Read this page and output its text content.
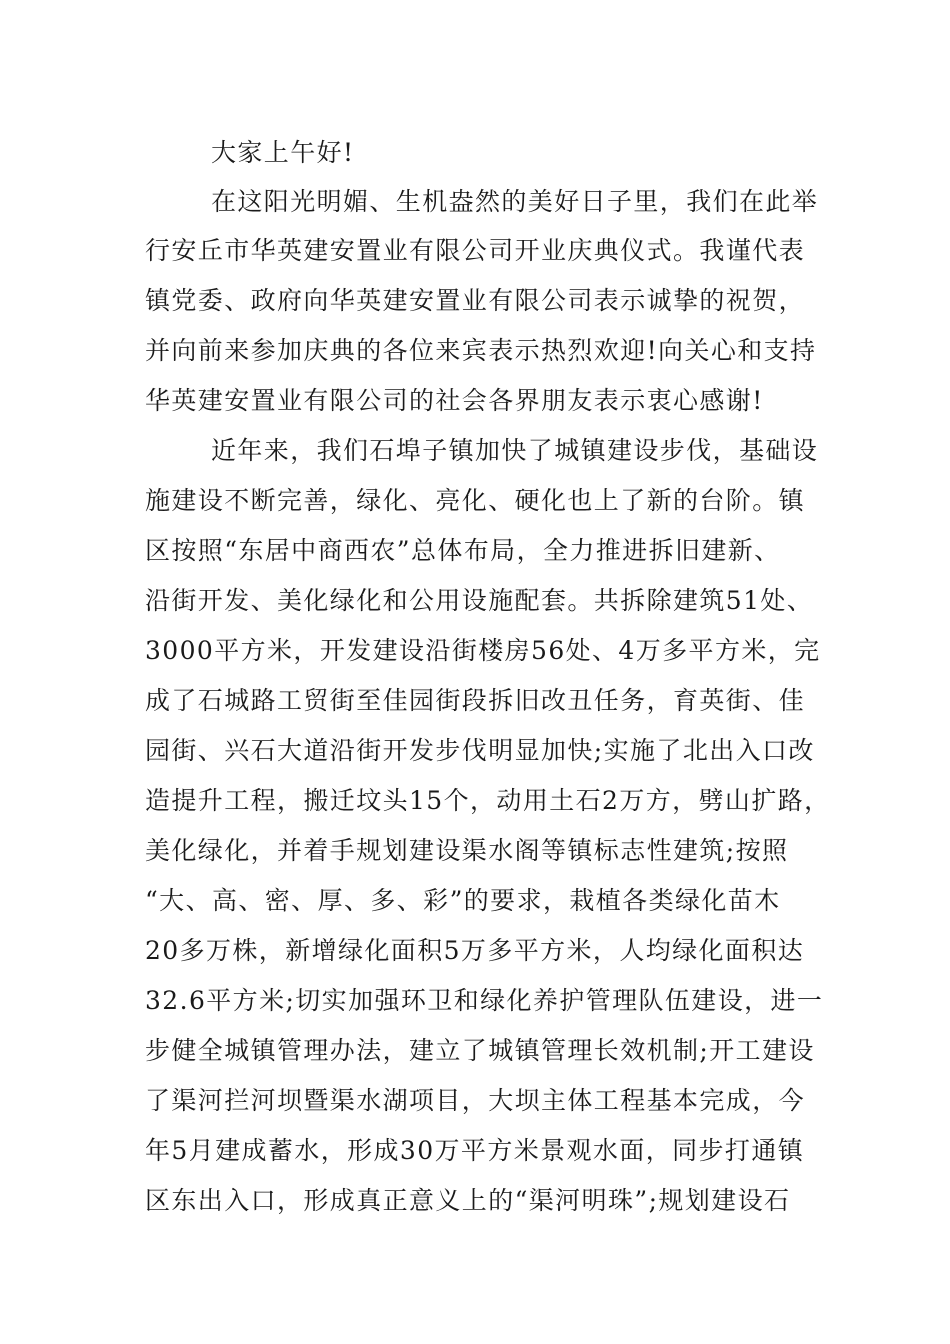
大家上午好!
在这阳光明媚、生机盎然的美好日子里，我们在此举
行安丘市华英建安置业有限公司开业庆典仪式。我谨代表
镇党委、政府向华英建安置业有限公司表示诚挚的祝贺，
并向前来参加庆典的各位来宾表示热烈欢迎!向关心和支持
华英建安置业有限公司的社会各界朋友表示衷心感谢!
近年来，我们石埠子镇加快了城镇建设步伐，基础设
施建设不断完善，绿化、亮化、硬化也上了新的台阶。镇
区按照“东居中商西农”总体布局，全力推进拆旧建新、
沿街开发、美化绿化和公用设施配套。共拆除建筑51处、
3000平方米，开发建设沿街楼房56处、4万多平方米，完
成了石城路工贸街至佳园街段拆旧改丑任务，育英街、佳
园街、兴石大道沿街开发步伐明显加快;实施了北出入口改
造提升工程，搬迁坟头15个，动用土石2万方，劈山扩路，
美化绿化，并着手规划建设渠水阁等镇标志性建筑;按照
“大、高、密、厚、多、彩”的要求，栽植各类绿化苗木
20多万株，新增绿化面积5万多平方米，人均绿化面积达
32.6平方米;切实加强环卫和绿化养护管理队伍建设，进一
步健全城镇管理办法，建立了城镇管理长效机制;开工建设
了渠河拦河坝暨渠水湖项目，大坝主体工程基本完成，今
年5月建成蓄水，形成30万平方米景观水面，同步打通镇
区东出入口，形成真正意义上的“渠河明珠”;规划建设石
